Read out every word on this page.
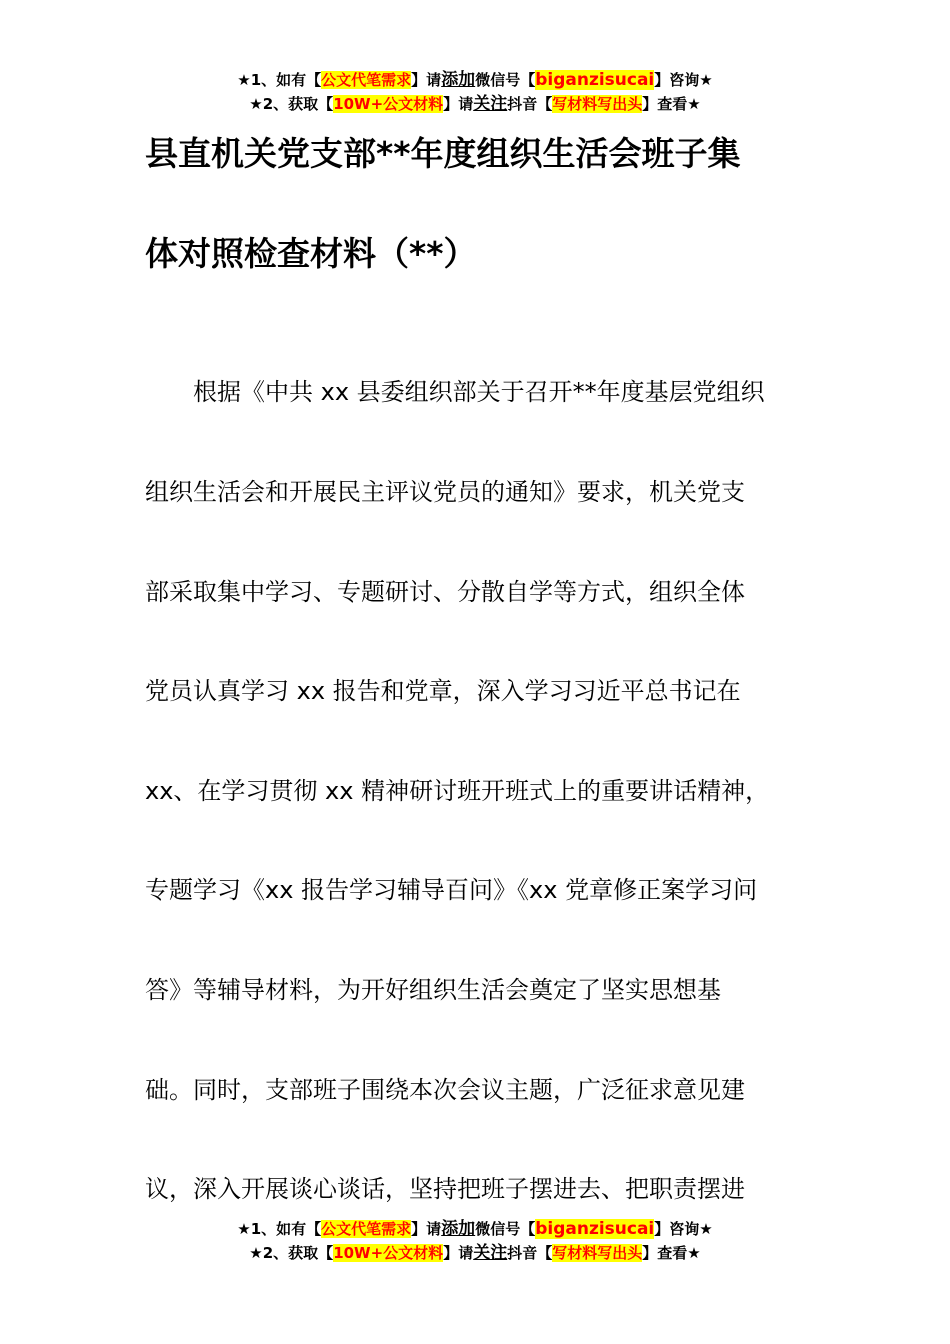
★1、如有【公文代笔需求】请添加微信号【biganzisucai】咨询★
★2、获取【10W+公文材料】请关注抖音【写材料写出头】查看★
县直机关党支部**年度组织生活会班子集
体对照检查材料（**）
　　根据《中共 xx 县委组织部关于召开**年度基层党组织
组织生活会和开展民主评议党员的通知》要求，机关党支
部采取集中学习、专题研讨、分散自学等方式，组织全体
党员认真学习 xx 报告和党章，深入学习习近平总书记在
xx、在学习贯彻 xx 精神研讨班开班式上的重要讲话精神，
专题学习《xx 报告学习辅导百问》《xx 党章修正案学习问
答》等辅导材料，为开好组织生活会奠定了坚实思想基
础。同时，支部班子围绕本次会议主题，广泛征求意见建
议，深入开展谈心谈话，坚持把班子摆进去、把职责摆进
★1、如有【公文代笔需求】请添加微信号【biganzisucai】咨询★
★2、获取【10W+公文材料】请关注抖音【写材料写出头】查看★
